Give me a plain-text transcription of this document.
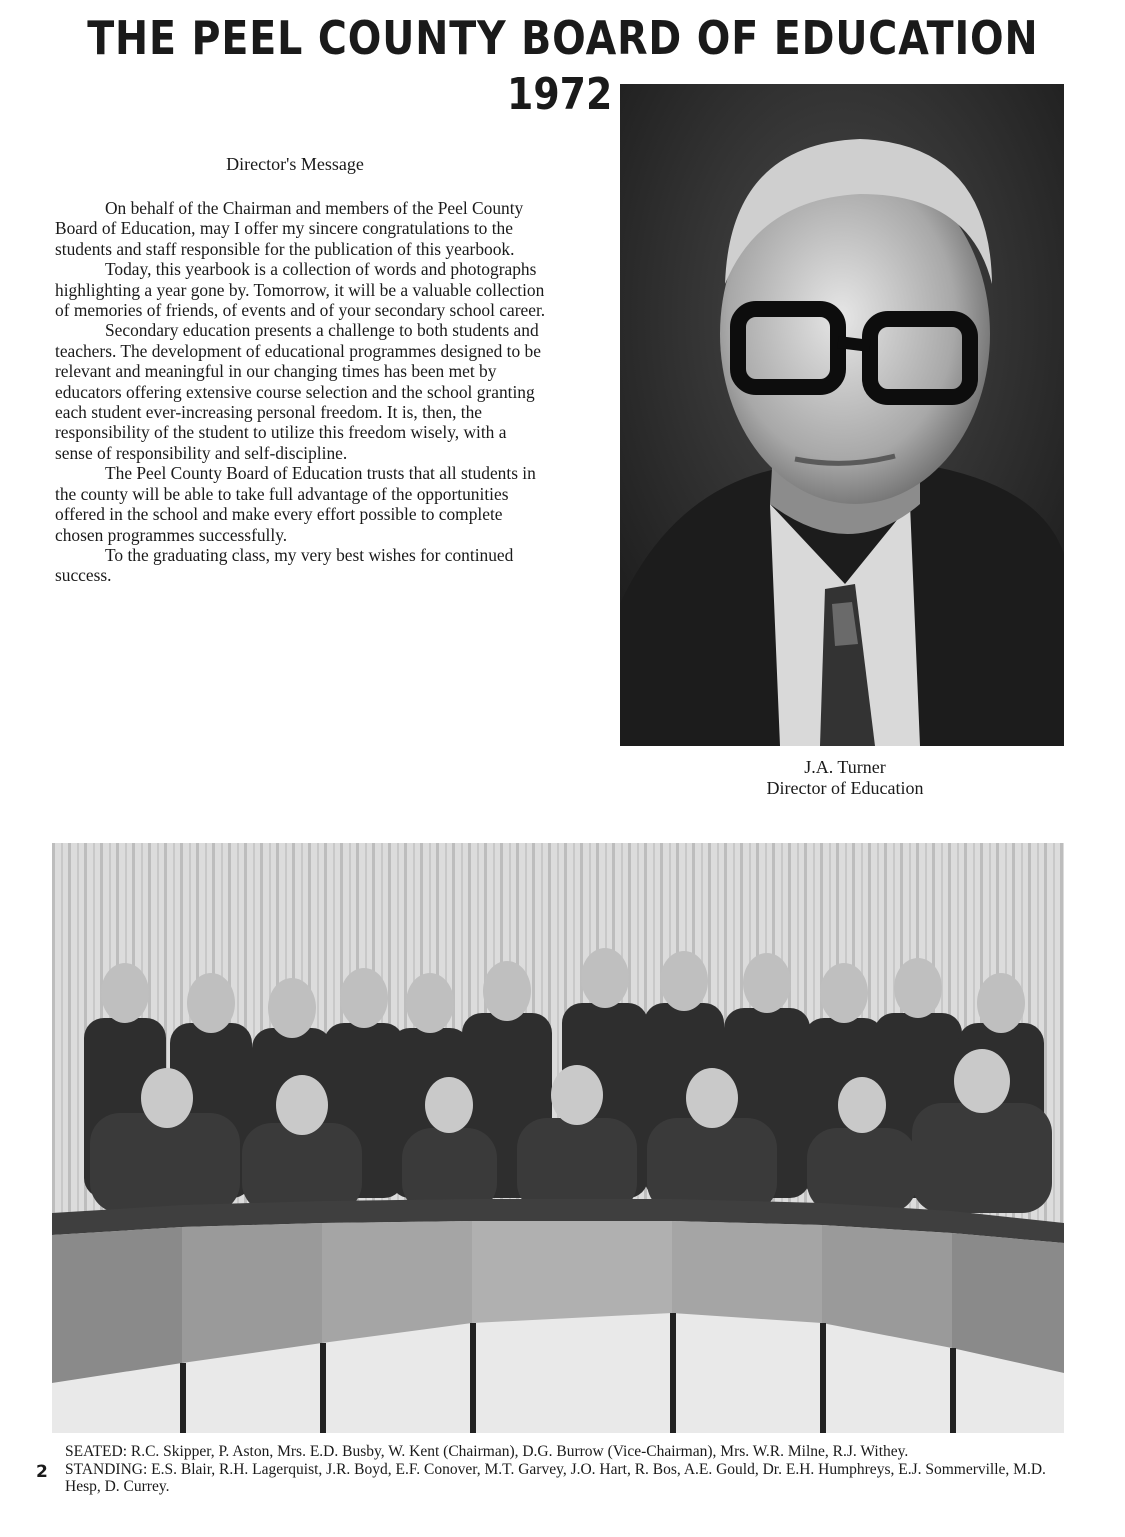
THE PEEL COUNTY BOARD OF EDUCATION
1972
Director's Message

On behalf of the Chairman and members of the Peel County Board of Education, may I offer my sincere congratulations to the students and staff responsible for the publication of this yearbook.

Today, this yearbook is a collection of words and photographs highlighting a year gone by. Tomorrow, it will be a valuable collection of memories of friends, of events and of your secondary school career.

Secondary education presents a challenge to both students and teachers. The development of educational programmes designed to be relevant and meaningful in our changing times has been met by educators offering extensive course selection and the school granting each student ever-increasing personal freedom. It is, then, the responsibility of the student to utilize this freedom wisely, with a sense of responsibility and self-discipline.

The Peel County Board of Education trusts that all students in the county will be able to take full advantage of the opportunities offered in the school and make every effort possible to complete chosen programmes successfully.

To the graduating class, my very best wishes for continued success.

J.A. Turner
Director of Education
SEATED: R.C. Skipper, P. Aston, Mrs. E.D. Busby, W. Kent (Chairman), D.G. Burrow (Vice-Chairman), Mrs. W.R. Milne, R.J. Withey.
STANDING: E.S. Blair, R.H. Lagerquist, J.R. Boyd, E.F. Conover, M.T. Garvey, J.O. Hart, R. Bos, A.E. Gould, Dr. E.H. Humphreys, E.J. Sommerville, M.D. Hesp, D. Currey.
2
